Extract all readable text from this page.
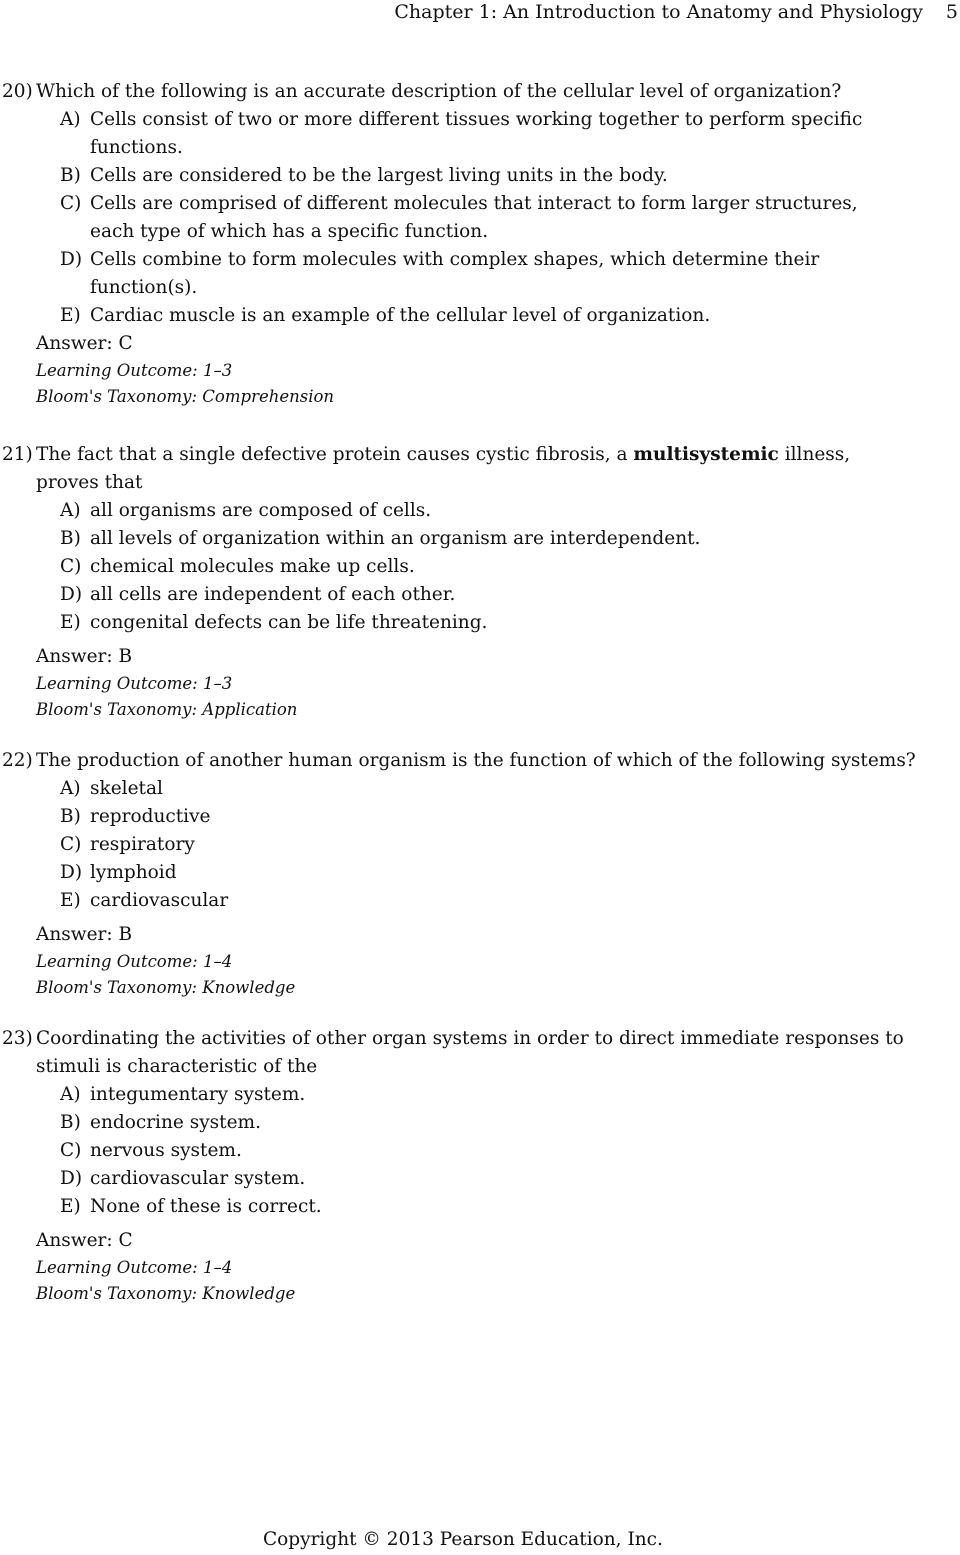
Chapter 1: An Introduction to Anatomy and Physiology 5
20) Which of the following is an accurate description of the cellular level of organization?
A) Cells consist of two or more different tissues working together to perform specific functions.
B) Cells are considered to be the largest living units in the body.
C) Cells are comprised of different molecules that interact to form larger structures, each type of which has a specific function.
D) Cells combine to form molecules with complex shapes, which determine their function(s).
E) Cardiac muscle is an example of the cellular level of organization.
Answer: C
Learning Outcome: 1–3
Bloom's Taxonomy: Comprehension
21) The fact that a single defective protein causes cystic fibrosis, a multisystemic illness, proves that
A) all organisms are composed of cells.
B) all levels of organization within an organism are interdependent.
C) chemical molecules make up cells.
D) all cells are independent of each other.
E) congenital defects can be life threatening.
Answer: B
Learning Outcome: 1–3
Bloom's Taxonomy: Application
22) The production of another human organism is the function of which of the following systems?
A) skeletal
B) reproductive
C) respiratory
D) lymphoid
E) cardiovascular
Answer: B
Learning Outcome: 1–4
Bloom's Taxonomy: Knowledge
23) Coordinating the activities of other organ systems in order to direct immediate responses to stimuli is characteristic of the
A) integumentary system.
B) endocrine system.
C) nervous system.
D) cardiovascular system.
E) None of these is correct.
Answer: C
Learning Outcome: 1–4
Bloom's Taxonomy: Knowledge
Copyright © 2013 Pearson Education, Inc.
